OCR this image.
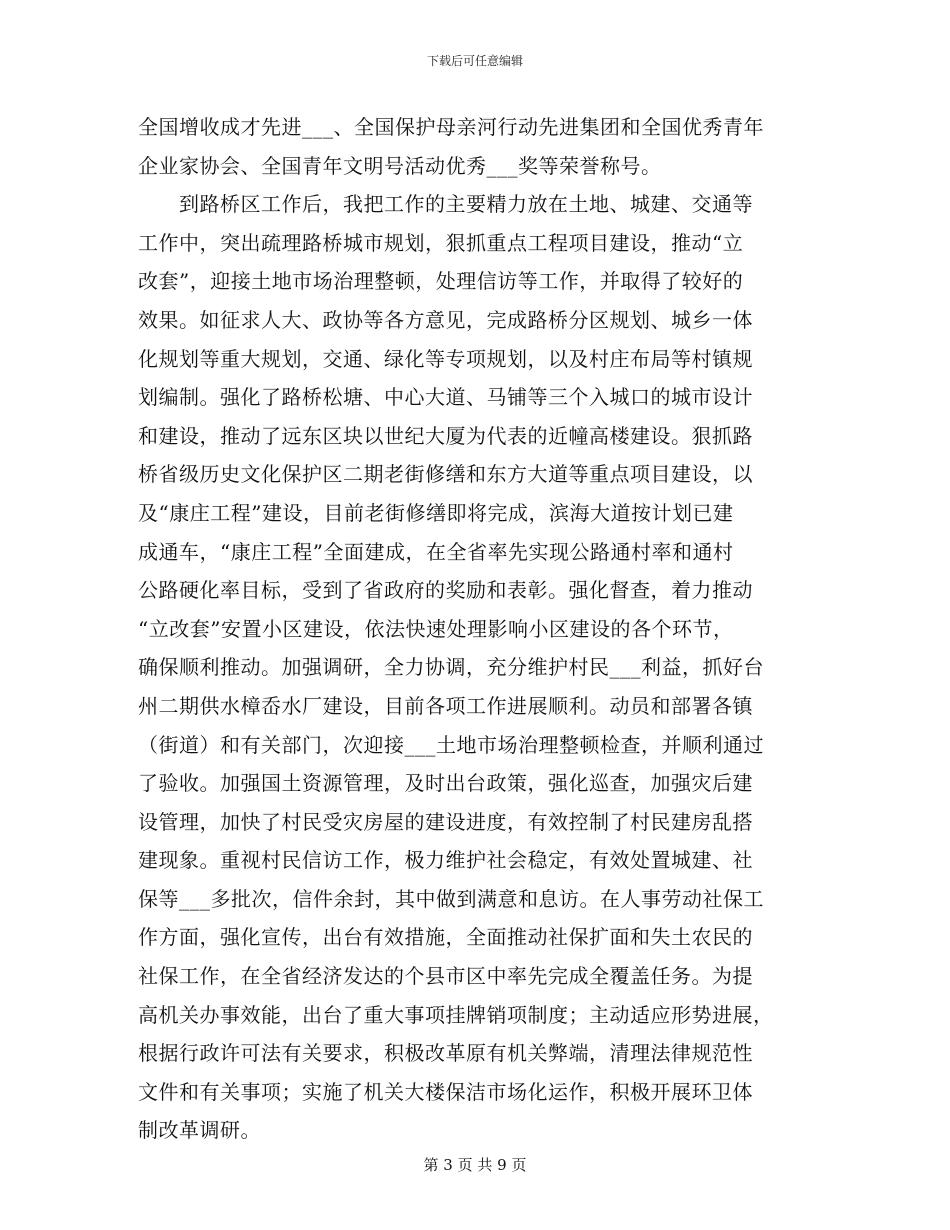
下载后可任意编辑
全国增收成才先进___、全国保护母亲河行动先进集团和全国优秀青年
企业家协会、全国青年文明号活动优秀___奖等荣誉称号。
　　到路桥区工作后，我把工作的主要精力放在土地、城建、交通等
工作中，突出疏理路桥城市规划，狠抓重点工程项目建设，推动“立
改套”，迎接土地市场治理整顿，处理信访等工作，并取得了较好的
效果。如征求人大、政协等各方意见，完成路桥分区规划、城乡一体
化规划等重大规划，交通、绿化等专项规划，以及村庄布局等村镇规
划编制。强化了路桥松塘、中心大道、马铺等三个入城口的城市设计
和建设，推动了远东区块以世纪大厦为代表的近幢高楼建设。狠抓路
桥省级历史文化保护区二期老街修缮和东方大道等重点项目建设，以
及“康庄工程”建设，目前老街修缮即将完成，滨海大道按计划已建
成通车，“康庄工程”全面建成，在全省率先实现公路通村率和通村
公路硬化率目标，受到了省政府的奖励和表彰。强化督查，着力推动
“立改套”安置小区建设，依法快速处理影响小区建设的各个环节，
确保顺利推动。加强调研，全力协调，充分维护村民___利益，抓好台
州二期供水樟岙水厂建设，目前各项工作进展顺利。动员和部署各镇
（街道）和有关部门，次迎接___土地市场治理整顿检查，并顺利通过
了验收。加强国土资源管理，及时出台政策，强化巡查，加强灾后建
设管理，加快了村民受灾房屋的建设进度，有效控制了村民建房乱搭
建现象。重视村民信访工作，极力维护社会稳定，有效处置城建、社
保等___多批次，信件余封，其中做到满意和息访。在人事劳动社保工
作方面，强化宣传，出台有效措施，全面推动社保扩面和失土农民的
社保工作，在全省经济发达的个县市区中率先完成全覆盖任务。为提
高机关办事效能，出台了重大事项挂牌销项制度；主动适应形势进展，
根据行政许可法有关要求，积极改革原有机关弊端，清理法律规范性
文件和有关事项；实施了机关大楼保洁市场化运作，积极开展环卫体
制改革调研。
第 3 页 共 9 页
